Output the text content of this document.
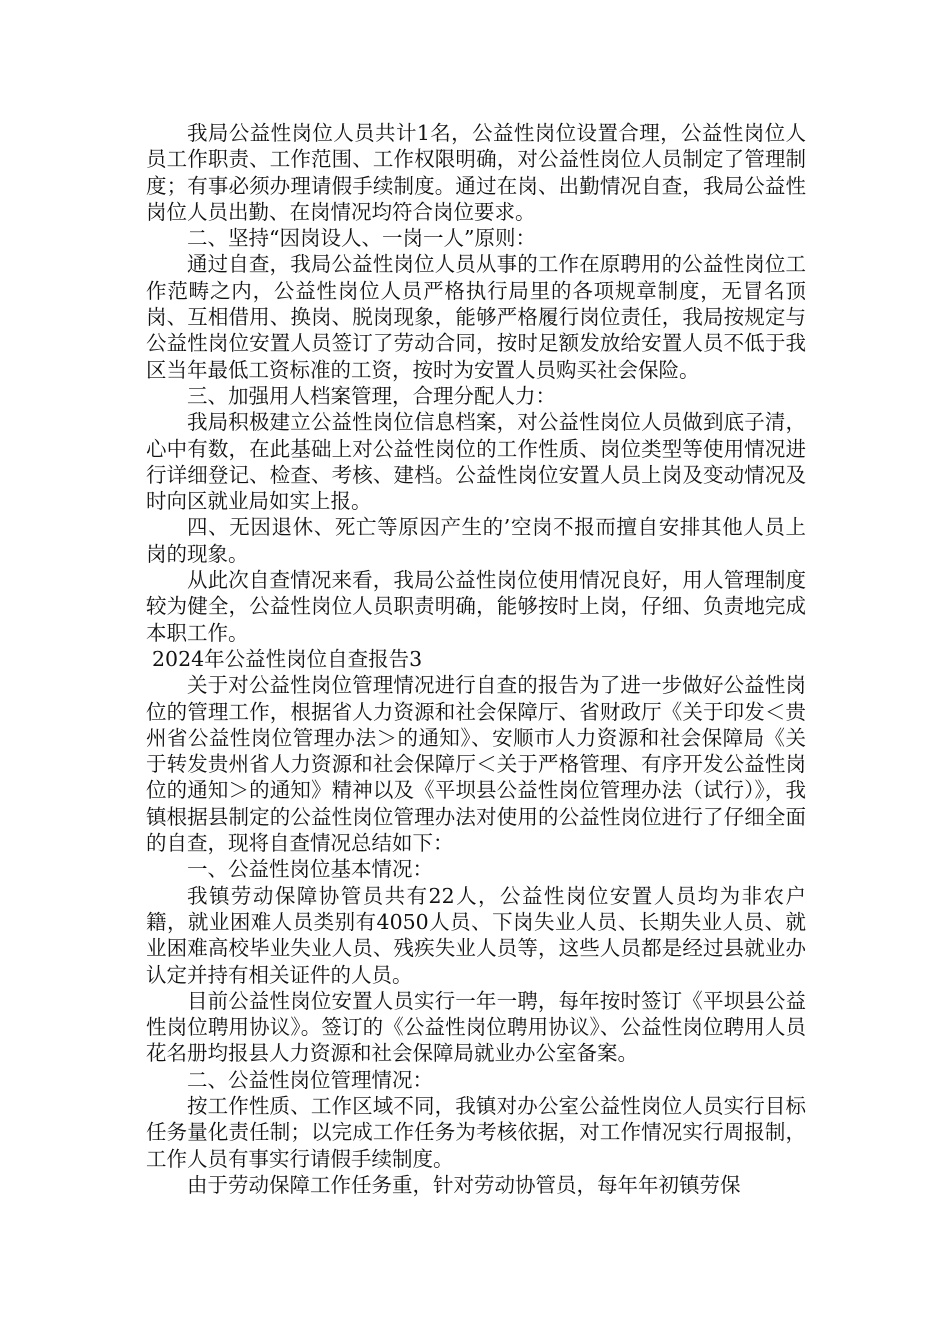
我局公益性岗位人员共计1名，公益性岗位设置合理，公益性岗位人员工作职责、工作范围、工作权限明确，对公益性岗位人员制定了管理制度；有事必须办理请假手续制度。通过在岗、出勤情况自查，我局公益性岗位人员出勤、在岗情况均符合岗位要求。

二、坚持“因岗设人、一岗一人”原则：

通过自查，我局公益性岗位人员从事的工作在原聘用的公益性岗位工作范畴之内，公益性岗位人员严格执行局里的各项规章制度，无冒名顶岗、互相借用、换岗、脱岗现象，能够严格履行岗位责任，我局按规定与公益性岗位安置人员签订了劳动合同，按时足额发放给安置人员不低于我区当年最低工资标准的工资，按时为安置人员购买社会保险。

三、加强用人档案管理，合理分配人力：

我局积极建立公益性岗位信息档案，对公益性岗位人员做到底子清，心中有数，在此基础上对公益性岗位的工作性质、岗位类型等使用情况进行详细登记、检查、考核、建档。公益性岗位安置人员上岗及变动情况及时向区就业局如实上报。

四、无因退休、死亡等原因产生的’空岗不报而擅自安排其他人员上岗的现象。

从此次自查情况来看，我局公益性岗位使用情况良好，用人管理制度较为健全，公益性岗位人员职责明确，能够按时上岗，仔细、负责地完成本职工作。

2024年公益性岗位自查报告3

关于对公益性岗位管理情况进行自查的报告为了进一步做好公益性岗位的管理工作，根据省人力资源和社会保障厅、省财政厅《关于印发＜贵州省公益性岗位管理办法＞的通知》、安顺市人力资源和社会保障局《关于转发贵州省人力资源和社会保障厅＜关于严格管理、有序开发公益性岗位的通知＞的通知》精神以及《平坝县公益性岗位管理办法（试行）》，我镇根据县制定的公益性岗位管理办法对使用的公益性岗位进行了仔细全面的自查，现将自查情况总结如下：

一、公益性岗位基本情况：

我镇劳动保障协管员共有22人，公益性岗位安置人员均为非农户籍，就业困难人员类别有4050人员、下岗失业人员、长期失业人员、就业困难高校毕业失业人员、残疾失业人员等，这些人员都是经过县就业办认定并持有相关证件的人员。

目前公益性岗位安置人员实行一年一聘，每年按时签订《平坝县公益性岗位聘用协议》。签订的《公益性岗位聘用协议》、公益性岗位聘用人员花名册均报县人力资源和社会保障局就业办公室备案。

二、公益性岗位管理情况：

按工作性质、工作区域不同，我镇对办公室公益性岗位人员实行目标任务量化责任制；以完成工作任务为考核依据，对工作情况实行周报制，工作人员有事实行请假手续制度。

由于劳动保障工作任务重，针对劳动协管员，每年年初镇劳保
